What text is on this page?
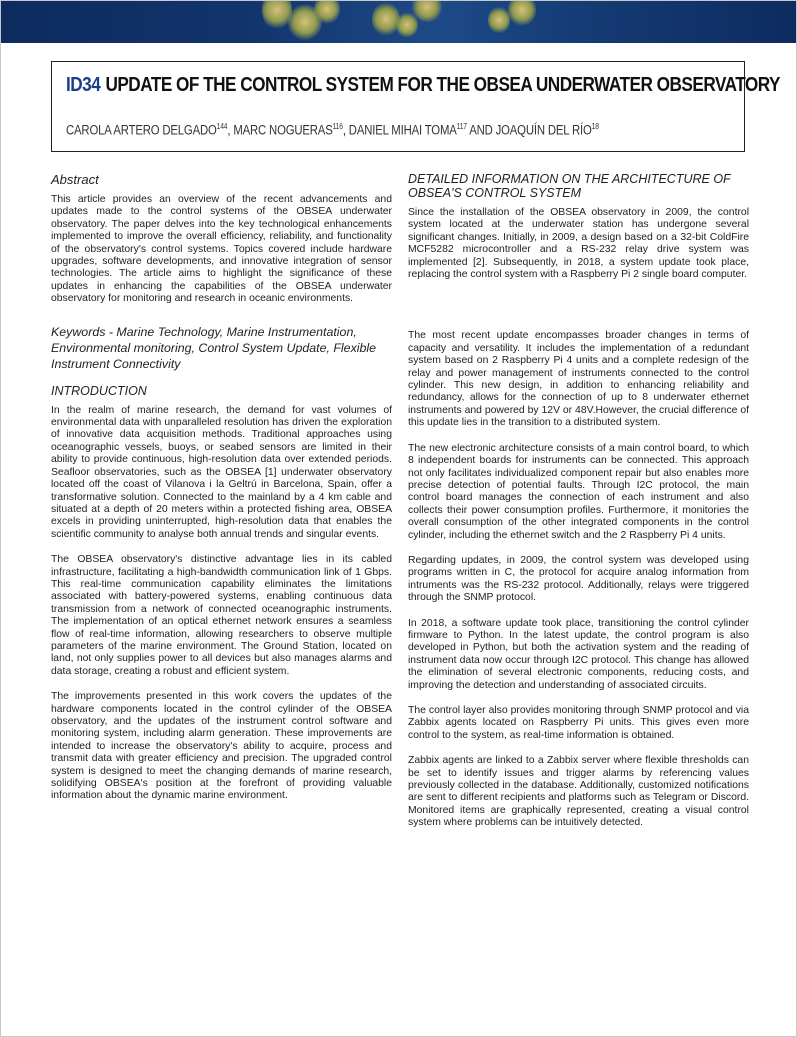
ID34 UPDATE OF THE CONTROL SYSTEM FOR THE OBSEA UNDERWATER OBSERVATORY
CAROLA ARTERO DELGADO$^{144}$, MARC NOGUERAS$^{116}$, DANIEL MIHAI TOMA$^{117}$ AND JOAQUÍN DEL RÍO$^{18}$
Abstract

This article provides an overview of the recent advancements and updates made to the control systems of the OBSEA underwater observatory. The paper delves into the key technological enhancements implemented to improve the overall efficiency, reliability, and functionality of the observatory's control systems. Topics covered include hardware upgrades, software developments, and innovative integration of sensor technologies. The article aims to highlight the significance of these updates in enhancing the capabilities of the OBSEA underwater observatory for monitoring and research in oceanic environments.

Keywords - Marine Technology, Marine Instrumentation, Environmental monitoring, Control System Update, Flexible Instrument Connectivity
INTRODUCTION

In the realm of marine research, the demand for vast volumes of environmental data with unparalleled resolution has driven the exploration of innovative data acquisition methods. Traditional approaches using oceanographic vessels, buoys, or seabed sensors are limited in their ability to provide continuous, high-resolution data over extended periods. Seafloor observatories, such as the OBSEA [1] underwater observatory located off the coast of Vilanova i la Geltrú in Barcelona, Spain, offer a transformative solution. Connected to the mainland by a 4 km cable and situated at a depth of 20 meters within a protected fishing area, OBSEA excels in providing uninterrupted, high-resolution data that enables the scientific community to analyse both annual trends and singular events.

The OBSEA observatory's distinctive advantage lies in its cabled infrastructure, facilitating a high-bandwidth communication link of 1 Gbps. This real-time communication capability eliminates the limitations associated with battery-powered systems, enabling continuous data transmission from a network of connected oceanographic instruments. The implementation of an optical ethernet network ensures a seamless flow of real-time information, allowing researchers to observe multiple parameters of the marine environment. The Ground Station, located on land, not only supplies power to all devices but also manages alarms and data storage, creating a robust and efficient system.

The improvements presented in this work covers the updates of the hardware components located in the control cylinder of the OBSEA observatory, and the updates of the instrument control software and monitoring system, including alarm generation. These improvements are intended to increase the observatory's ability to acquire, process and transmit data with greater efficiency and precision. The upgraded control system is designed to meet the changing demands of marine research, solidifying OBSEA's position at the forefront of providing valuable information about the dynamic marine environment.

DETAILED INFORMATION ON THE ARCHITECTURE OF OBSEA'S CONTROL SYSTEM

Since the installation of the OBSEA observatory in 2009, the control system located at the underwater station has undergone several significant changes. Initially, in 2009, a design based on a 32-bit ColdFire MCF5282 microcontroller and a RS-232 relay drive system was implemented [2]. Subsequently, in 2018, a system update took place, replacing the control system with a Raspberry Pi 2 single board computer.

The most recent update encompasses broader changes in terms of capacity and versatility. It includes the implementation of a redundant system based on 2 Raspberry Pi 4 units and a complete redesign of the relay and power management of instruments connected to the control cylinder. This new design, in addition to enhancing reliability and redundancy, allows for the connection of up to 8 underwater ethernet instruments and powered by 12V or 48V.However, the crucial difference of this update lies in the transition to a distributed system.

The new electronic architecture consists of a main control board, to which 8 independent boards for instruments can be connected. This approach not only facilitates individualized component repair but also enables more precise detection of potential faults. Through I2C protocol, the main control board manages the connection of each instrument and also collects their power consumption profiles. Furthermore, it monitories the overall consumption of the other integrated components in the control cylinder, including the ethernet switch and the 2 Raspberry Pi 4 units.

Regarding updates, in 2009, the control system was developed using programs written in C, the protocol for acquire analog information from intruments was the RS-232 protocol. Additionally, relays were triggered through the SNMP protocol.

In 2018, a software update took place, transitioning the control cylinder firmware to Python. In the latest update, the control program is also developed in Python, but both the activation system and the reading of instrument data now occur through I2C protocol. This change has allowed the elimination of several electronic components, reducing costs, and improving the detection and understanding of associated circuits.

The control layer also provides monitoring through SNMP protocol and via Zabbix agents located on Raspberry Pi units. This gives even more control to the system, as real-time information is obtained.

Zabbix agents are linked to a Zabbix server where flexible thresholds can be set to identify issues and trigger alarms by referencing values previously collected in the database. Additionally, customized notifications are sent to different recipients and platforms such as Telegram or Discord. Monitored items are graphically represented, creating a visual control system where problems can be intuitively detected.
